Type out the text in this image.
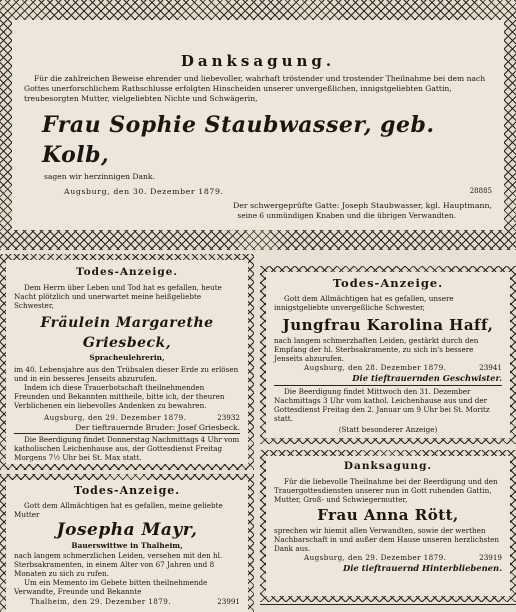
Für die zahlreichen Beweise ehrender und liebevoller, wahrhaft tröstender und trostender Theilnahme bei dem nach Gottes unerforschlichem Rathschlusse erfolgten Hinscheiden unserer unvergeßlichen, innigstgeliebten Gattin, treubesorgten Mutter, vielgeliebten Nichte und Schwägerin,

Frau Sophie Staubwasser, geb. Kolb,

sagen wir herzinnigen Dank.

Augsburg, den 30. Dezember 1879.	28885

Der schwergeprüfte Gatte: Joseph Staubwasser, kgl. Hauptmann,

seine 6 unmündigen Knaben und die übrigen Verwandten.

Danksagung.

Todes-Anzeige.

Dem Herrn über Leben und Tod hat es gefallen, heute Nacht plötzlich und unerwartet meine heißgeliebte Schwester,

Fräulein Margarethe Griesbeck,

Spracheulehrerin,

im 40. Lebensjahre aus den Trübsalen dieser Erde zu erlösen und in ein besseres Jenseits abzurufen.

Indem ich diese Trauerbotschaft theilnehmenden Freunden und Bekannten mittheile, bitte ich, der theuren Verblichenen ein liebevolles Andenken zu bewahren.

Augsburg, den 29. Dezember 1879.	23932

Der tieftrauernde Bruder: Josef Griesbeck.

Die Beerdigung findet Donnerstag Nachmittags 4 Uhr vom katholischen Leichenhause aus, der Gottesdienst Freitag Morgens 7½ Uhr bei St. Max statt.

Todes-Anzeige.

Gott dem Allmächtigen hat es gefallen, unsere innigstgeliebte unvergeßliche Schwester,

Jungfrau Karolina Haff,

nach langem schmerzhaften Leiden, gestärkt durch den Empfang der hl. Sterbsakramente, zu sich in's bessere Jenseits abzurufen.

Augsburg, den 28. Dezember 1879.	23941

Die tieftrauernden Geschwister.

Die Beerdigung findet Mittwoch den 31. Dezember Nachmittags 3 Uhr vom kathol. Leichenhause aus und der Gottesdienst Freitag den 2. Januar um 9 Uhr bei St. Moritz statt.

(Statt besonderer Anzeige)

Todes-Anzeige.

Gott dem Allmächtigen hat es gefallen, meine geliebte Mutter

Josepha Mayr,

Bauerswittwe in Thalheim,

nach langem schmerzlichen Leiden, versehen mit den hl. Sterbsakramenten, in einem Alter von 67 Jahren und 8 Monaten zu sich zu rufen.

Um ein Memento im Gebete bitten theilnehmende Verwandte, Freunde und Bekannte

Thalheim, den 29. Dezember 1879.	23991

Danksagung.

Für die liebevolle Theilnahme bei der Beerdigung und den Trauergottesdiensten unserer nun in Gott ruhenden Gattin, Mutter, Groß- und Schwiegermutter,

Frau Anna Rött,

sprechen wir hiemit allen Verwandten, sowie der werthen Nachbarschaft in und außer dem Hause unseren herzlichsten Dank aus.

Augsburg, den 29. Dezember 1879.	23919

Die tieftrauernd Hinterbliebenen.
